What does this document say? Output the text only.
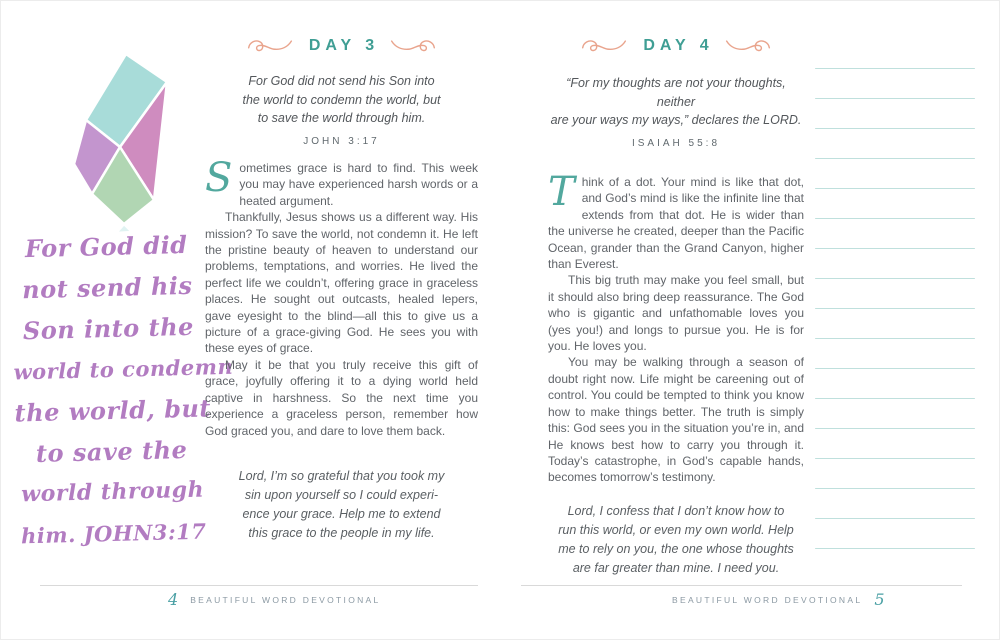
For God did
not send his
Son into the
world to condemn
the world, but
to save the
world through
him. JOHN3:17
DAY 3
For God did not send his Son into
the world to condemn the world, but
to save the world through him.
JOHN 3:17

Sometimes grace is hard to find. This week you may have experienced harsh words or a heated argument.

Thankfully, Jesus shows us a different way. His mission? To save the world, not condemn it. He left the pristine beauty of heaven to understand our problems, temptations, and worries. He lived the perfect life we couldn’t, offering grace in graceless places. He sought out outcasts, healed lepers, gave eyesight to the blind—all this to give us a picture of a grace-giving God. He sees you with these eyes of grace.

May it be that you truly receive this gift of grace, joyfully offering it to a dying world held captive in harshness. So the next time you experience a graceless person, remember how God graced you, and dare to love them back.

Lord, I’m so grateful that you took my
sin upon yourself so I could experi-
ence your grace. Help me to extend
this grace to the people in my life.
DAY 4
“For my thoughts are not your thoughts, neither
are your ways my ways,” declares the LORD.
ISAIAH 55:8

Think of a dot. Your mind is like that dot, and God’s mind is like the infinite line that extends from that dot. He is wider than the universe he created, deeper than the Pacific Ocean, grander than the Grand Canyon, higher than Everest.

This big truth may make you feel small, but it should also bring deep reassurance. The God who is gigantic and unfathomable loves you (yes you!) and longs to pursue you. He is for you. He loves you.

You may be walking through a season of doubt right now. Life might be careening out of control. You could be tempted to think you know how to make things better. The truth is simply this: God sees you in the situation you’re in, and He knows best how to carry you through it. Today’s catastrophe, in God’s capable hands, becomes tomorrow’s testimony.

Lord, I confess that I don’t know how to
run this world, or even my own world. Help
me to rely on you, the one whose thoughts
are far greater than mine. I need you.
4 BEAUTIFUL WORD DEVOTIONAL	BEAUTIFUL WORD DEVOTIONAL 5
